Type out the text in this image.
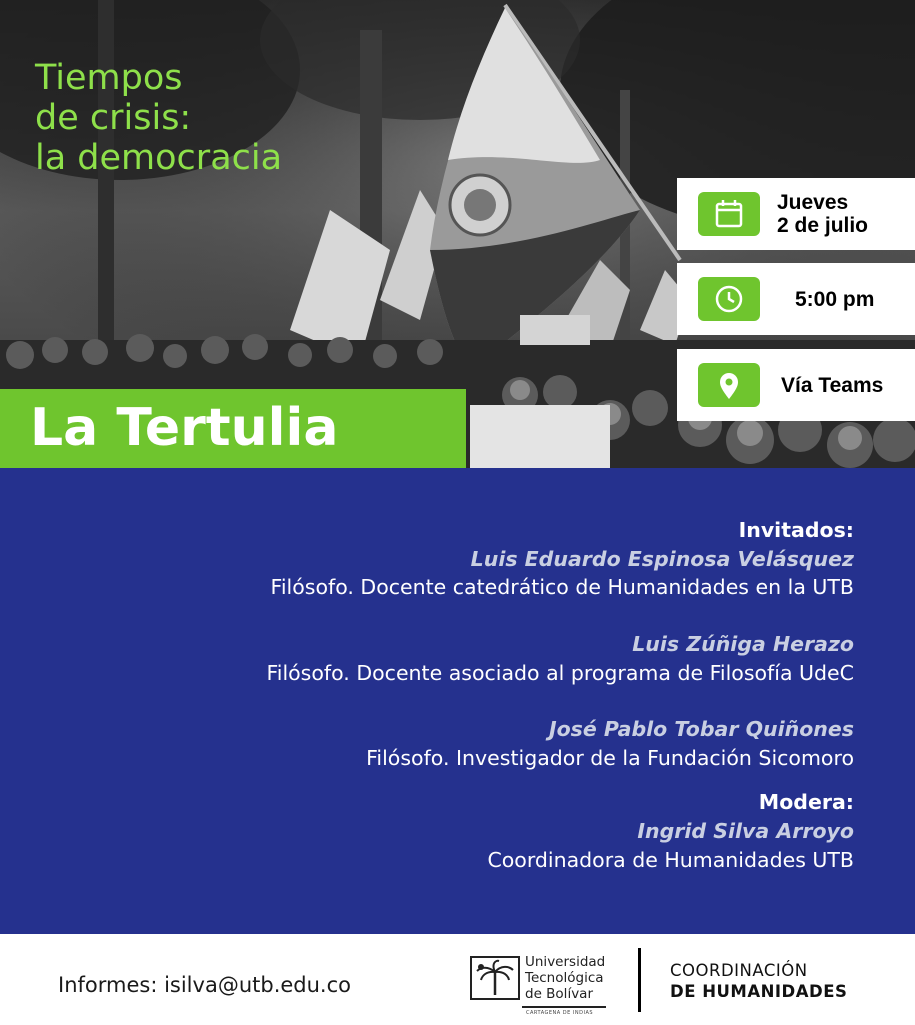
Tiempos
de crisis:
la democracia
Jueves
2 de julio
5:00 pm
Vía Teams
La Tertulia
Invitados:
Luis Eduardo Espinosa Velásquez
Filósofo. Docente catedrático de Humanidades en la UTB
Luis Zúñiga Herazo
Filósofo. Docente asociado al programa de Filosofía UdeC
José Pablo Tobar Quiñones
Filósofo. Investigador de la Fundación Sicomoro
Modera:
Ingrid Silva Arroyo
Coordinadora de Humanidades UTB
Informes: isilva@utb.edu.co
Universidad
Tecnológica
de Bolívar
CARTAGENA DE INDIAS
COORDINACIÓN
DE HUMANIDADES
